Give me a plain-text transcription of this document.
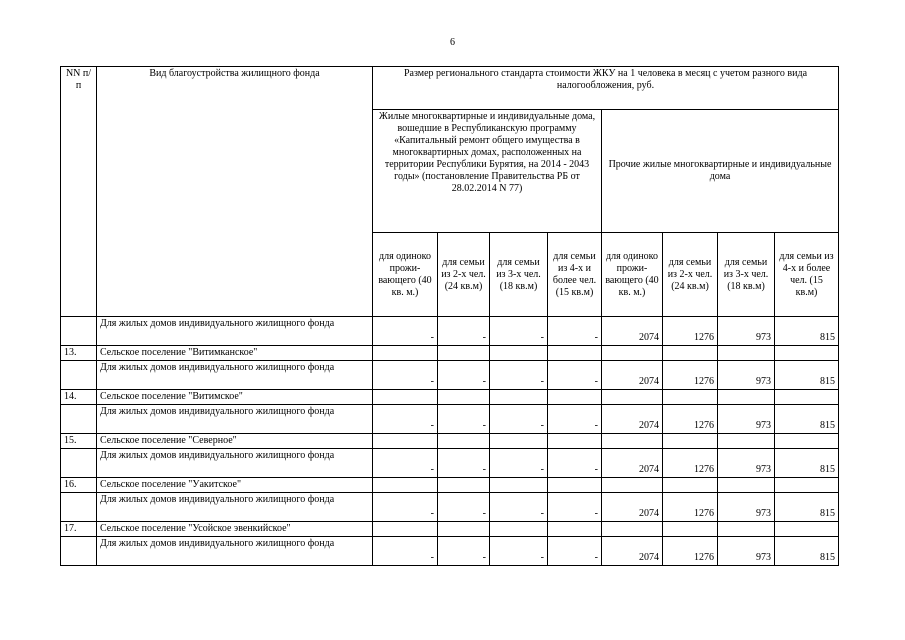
6
NN п/п	Вид благоустройства жилищного фонда	Размер регионального стандарта стоимости ЖКУ на 1 человека в месяц с учетом разного вида налогообложения, руб.							
		Жилые многоквартирные и индивидуальные дома, вошедшие в Республиканскую программу «Капитальный ремонт общего имущества в многоквартирных домах, расположенных на территории Республики Бурятия, на 2014 - 2043 годы» (постановление Правительства РБ от 28.02.2014 N 77)				Прочие жилые многоквартирные и индивидуальные дома			
		для одиноко прожи-вающего (40 кв. м.)	для семьи из 2-х чел. (24 кв.м)	для семьи из 3-х чел. (18 кв.м)	для семьи из 4-х и более чел. (15 кв.м)	для одиноко прожи-вающего (40 кв. м.)	для семьи из 2-х чел. (24 кв.м)	для семьи из 3-х чел. (18 кв.м)	для семьи из 4-х и более чел. (15 кв.м)
	Для жилых домов индивидуального жилищного фонда	-	-	-	-	2074	1276	973	815
13.	Сельское поселение "Витимканское"								
	Для жилых домов индивидуального жилищного фонда	-	-	-	-	2074	1276	973	815
14.	Сельское поселение "Витимское"								
	Для жилых домов индивидуального жилищного фонда	-	-	-	-	2074	1276	973	815
15.	Сельское поселение "Северное"								
	Для жилых домов индивидуального жилищного фонда	-	-	-	-	2074	1276	973	815
16.	Сельское поселение "Уакитское"								
	Для жилых домов индивидуального жилищного фонда	-	-	-	-	2074	1276	973	815
17.	Сельское поселение "Усойское эвенкийское"								
	Для жилых домов индивидуального жилищного фонда	-	-	-	-	2074	1276	973	815
